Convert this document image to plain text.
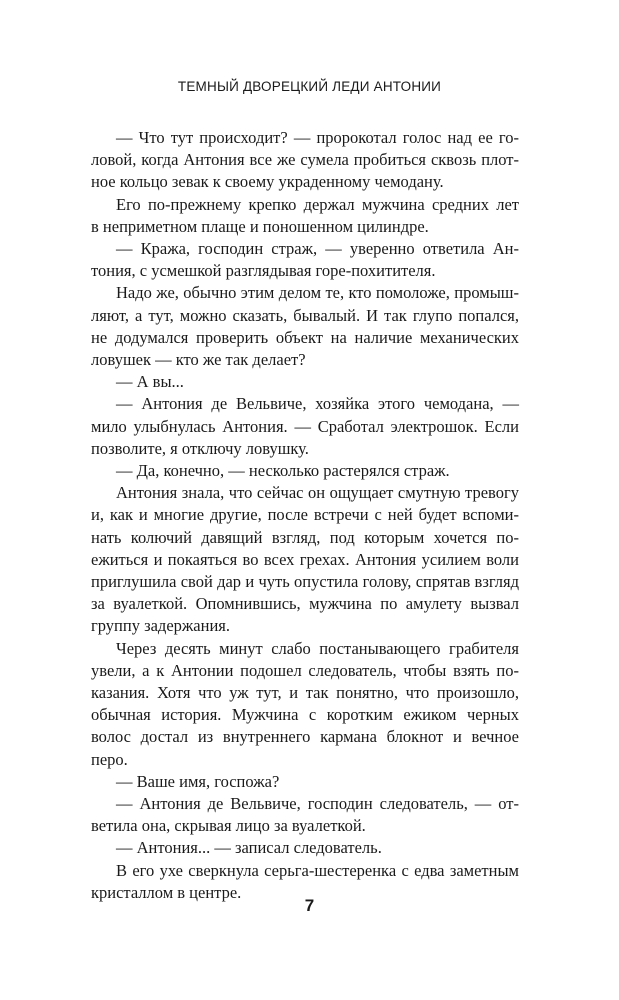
ТЕМНЫЙ ДВОРЕЦКИЙ ЛЕДИ АНТОНИИ
— Что тут происходит? — пророкотал голос над ее го-
ловой, когда Антония все же сумела пробиться сквозь плот-
ное кольцо зевак к своему украденному чемодану.
Его по-прежнему крепко держал мужчина средних лет
в неприметном плаще и поношенном цилиндре.
— Кража, господин страж, — уверенно ответила Ан-
тония, с усмешкой разглядывая горе-похитителя.
Надо же, обычно этим делом те, кто помоложе, промыш-
ляют, а тут, можно сказать, бывалый. И так глупо попался,
не додумался проверить объект на наличие механических
ловушек — кто же так делает?
— А вы...
— Антония де Вельвиче, хозяйка этого чемодана, —
мило улыбнулась Антония. — Сработал электрошок. Если
позволите, я отключу ловушку.
— Да, конечно, — несколько растерялся страж.
Антония знала, что сейчас он ощущает смутную тревогу
и, как и многие другие, после встречи с ней будет вспоми-
нать колючий давящий взгляд, под которым хочется по-
ежиться и покаяться во всех грехах. Антония усилием воли
приглушила свой дар и чуть опустила голову, спрятав взгляд
за вуалеткой. Опомнившись, мужчина по амулету вызвал
группу задержания.
Через десять минут слабо постанывающего грабителя
увели, а к Антонии подошел следователь, чтобы взять по-
казания. Хотя что уж тут, и так понятно, что произошло,
обычная история. Мужчина с коротким ежиком черных
волос достал из внутреннего кармана блокнот и вечное
перо.
— Ваше имя, госпожа?
— Антония де Вельвиче, господин следователь, — от-
ветила она, скрывая лицо за вуалеткой.
— Антония... — записал следователь.
В его ухе сверкнула серьга-шестеренка с едва заметным
кристаллом в центре.
7
